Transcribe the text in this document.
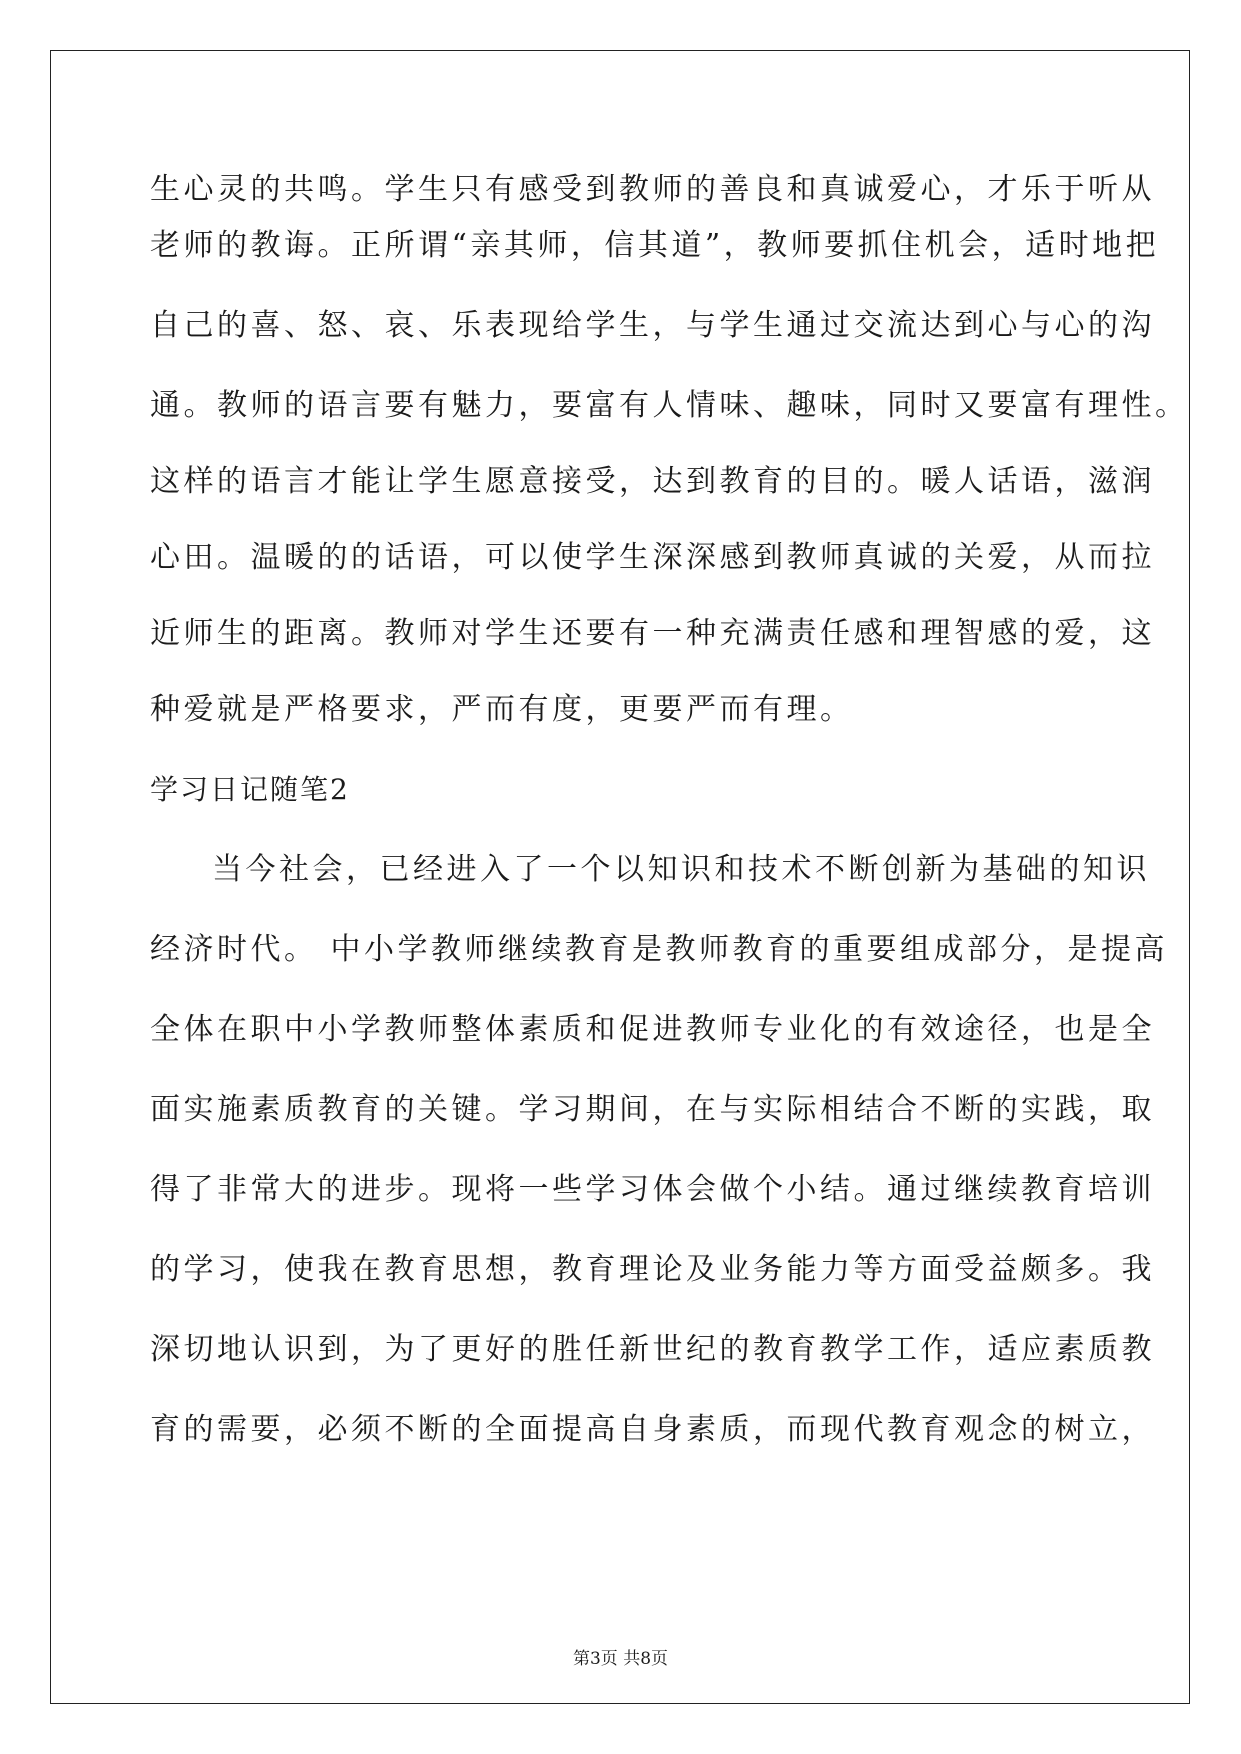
生心灵的共鸣。学生只有感受到教师的善良和真诚爱心，才乐于听从
老师的教诲。正所谓“亲其师，信其道”，教师要抓住机会，适时地把
自己的喜、怒、哀、乐表现给学生，与学生通过交流达到心与心的沟
通。教师的语言要有魅力，要富有人情味、趣味，同时又要富有理性。
这样的语言才能让学生愿意接受，达到教育的目的。暖人话语，滋润
心田。温暖的的话语，可以使学生深深感到教师真诚的关爱，从而拉
近师生的距离。教师对学生还要有一种充满责任感和理智感的爱，这
种爱就是严格要求，严而有度，更要严而有理。
学习日记随笔2
当今社会，已经进入了一个以知识和技术不断创新为基础的知识
经济时代。 中小学教师继续教育是教师教育的重要组成部分，是提高
全体在职中小学教师整体素质和促进教师专业化的有效途径，也是全
面实施素质教育的关键。学习期间，在与实际相结合不断的实践，取
得了非常大的进步。现将一些学习体会做个小结。通过继续教育培训
的学习，使我在教育思想，教育理论及业务能力等方面受益颇多。我
深切地认识到，为了更好的胜任新世纪的教育教学工作，适应素质教
育的需要，必须不断的全面提高自身素质，而现代教育观念的树立，
第3页 共8页
